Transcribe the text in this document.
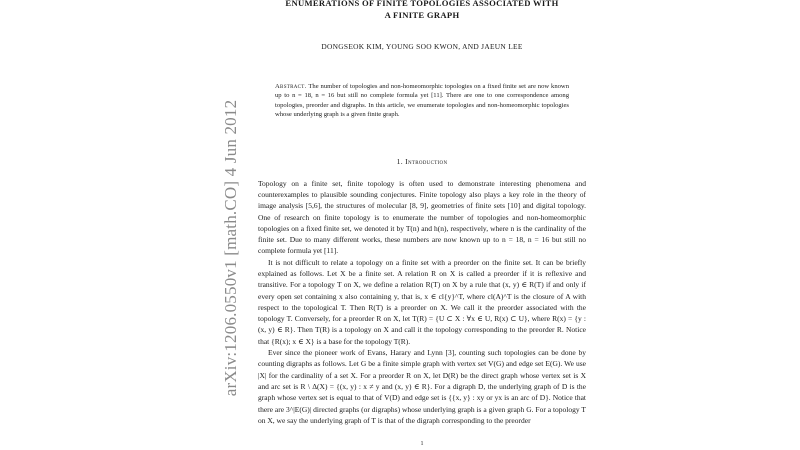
arXiv:1206.0550v1 [math.CO] 4 Jun 2012
ENUMERATIONS OF FINITE TOPOLOGIES ASSOCIATED WITH
A FINITE GRAPH
DONGSEOK KIM, YOUNG SOO KWON, AND JAEUN LEE
Abstract. The number of topologies and non-homeomorphic topologies on a fixed finite set are now known up to n = 18, n = 16 but still no complete formula yet [11]. There are one to one correspondence among topologies, preorder and digraphs. In this article, we enumerate topologies and non-homeomorphic topologies whose underlying graph is a given finite graph.
1. Introduction

Topology on a finite set, finite topology is often used to demonstrate interesting phenomena and counterexamples to plausible sounding conjectures. Finite topology also plays a key role in the theory of image analysis [5,6], the structures of molecular [8, 9], geometries of finite sets [10] and digital topology. One of research on finite topology is to enumerate the number of topologies and non-homeomorphic topologies on a fixed finite set, we denoted it by T(n) and h(n), respectively, where n is the cardinality of the finite set. Due to many different works, these numbers are now known up to n = 18, n = 16 but still no complete formula yet [11].

It is not difficult to relate a topology on a finite set with a preorder on the finite set. It can be briefly explained as follows. Let X be a finite set. A relation R on X is called a preorder if it is reflexive and transitive. For a topology T on X, we define a relation R(T) on X by a rule that (x, y) ∈ R(T) if and only if every open set containing x also containing y, that is, x ∈ cl{y}^T, where cl(A)^T is the closure of A with respect to the topological T. Then R(T) is a preorder on X. We call it the preorder associated with the topology T. Conversely, for a preorder R on X, let T(R) = {U ⊂ X : ∀x ∈ U, R(x) ⊂ U}, where R(x) = {y : (x, y) ∈ R}. Then T(R) is a topology on X and call it the topology corresponding to the preorder R. Notice that {R(x); x ∈ X} is a base for the topology T(R).

Ever since the pioneer work of Evans, Harary and Lynn [3], counting such topologies can be done by counting digraphs as follows. Let G be a finite simple graph with vertex set V(G) and edge set E(G). We use |X| for the cardinality of a set X. For a preorder R on X, let D(R) be the direct graph whose vertex set is X and arc set is R \ Δ(X) = {(x, y) : x ≠ y and (x, y) ∈ R}. For a digraph D, the underlying graph of D is the graph whose vertex set is equal to that of V(D) and edge set is {{x, y} : xy or yx is an arc of D}. Notice that there are 3^|E(G)| directed graphs (or digraphs) whose underlying graph is a given graph G. For a topology T on X, we say the underlying graph of T is that of the digraph corresponding to the preorder

1
